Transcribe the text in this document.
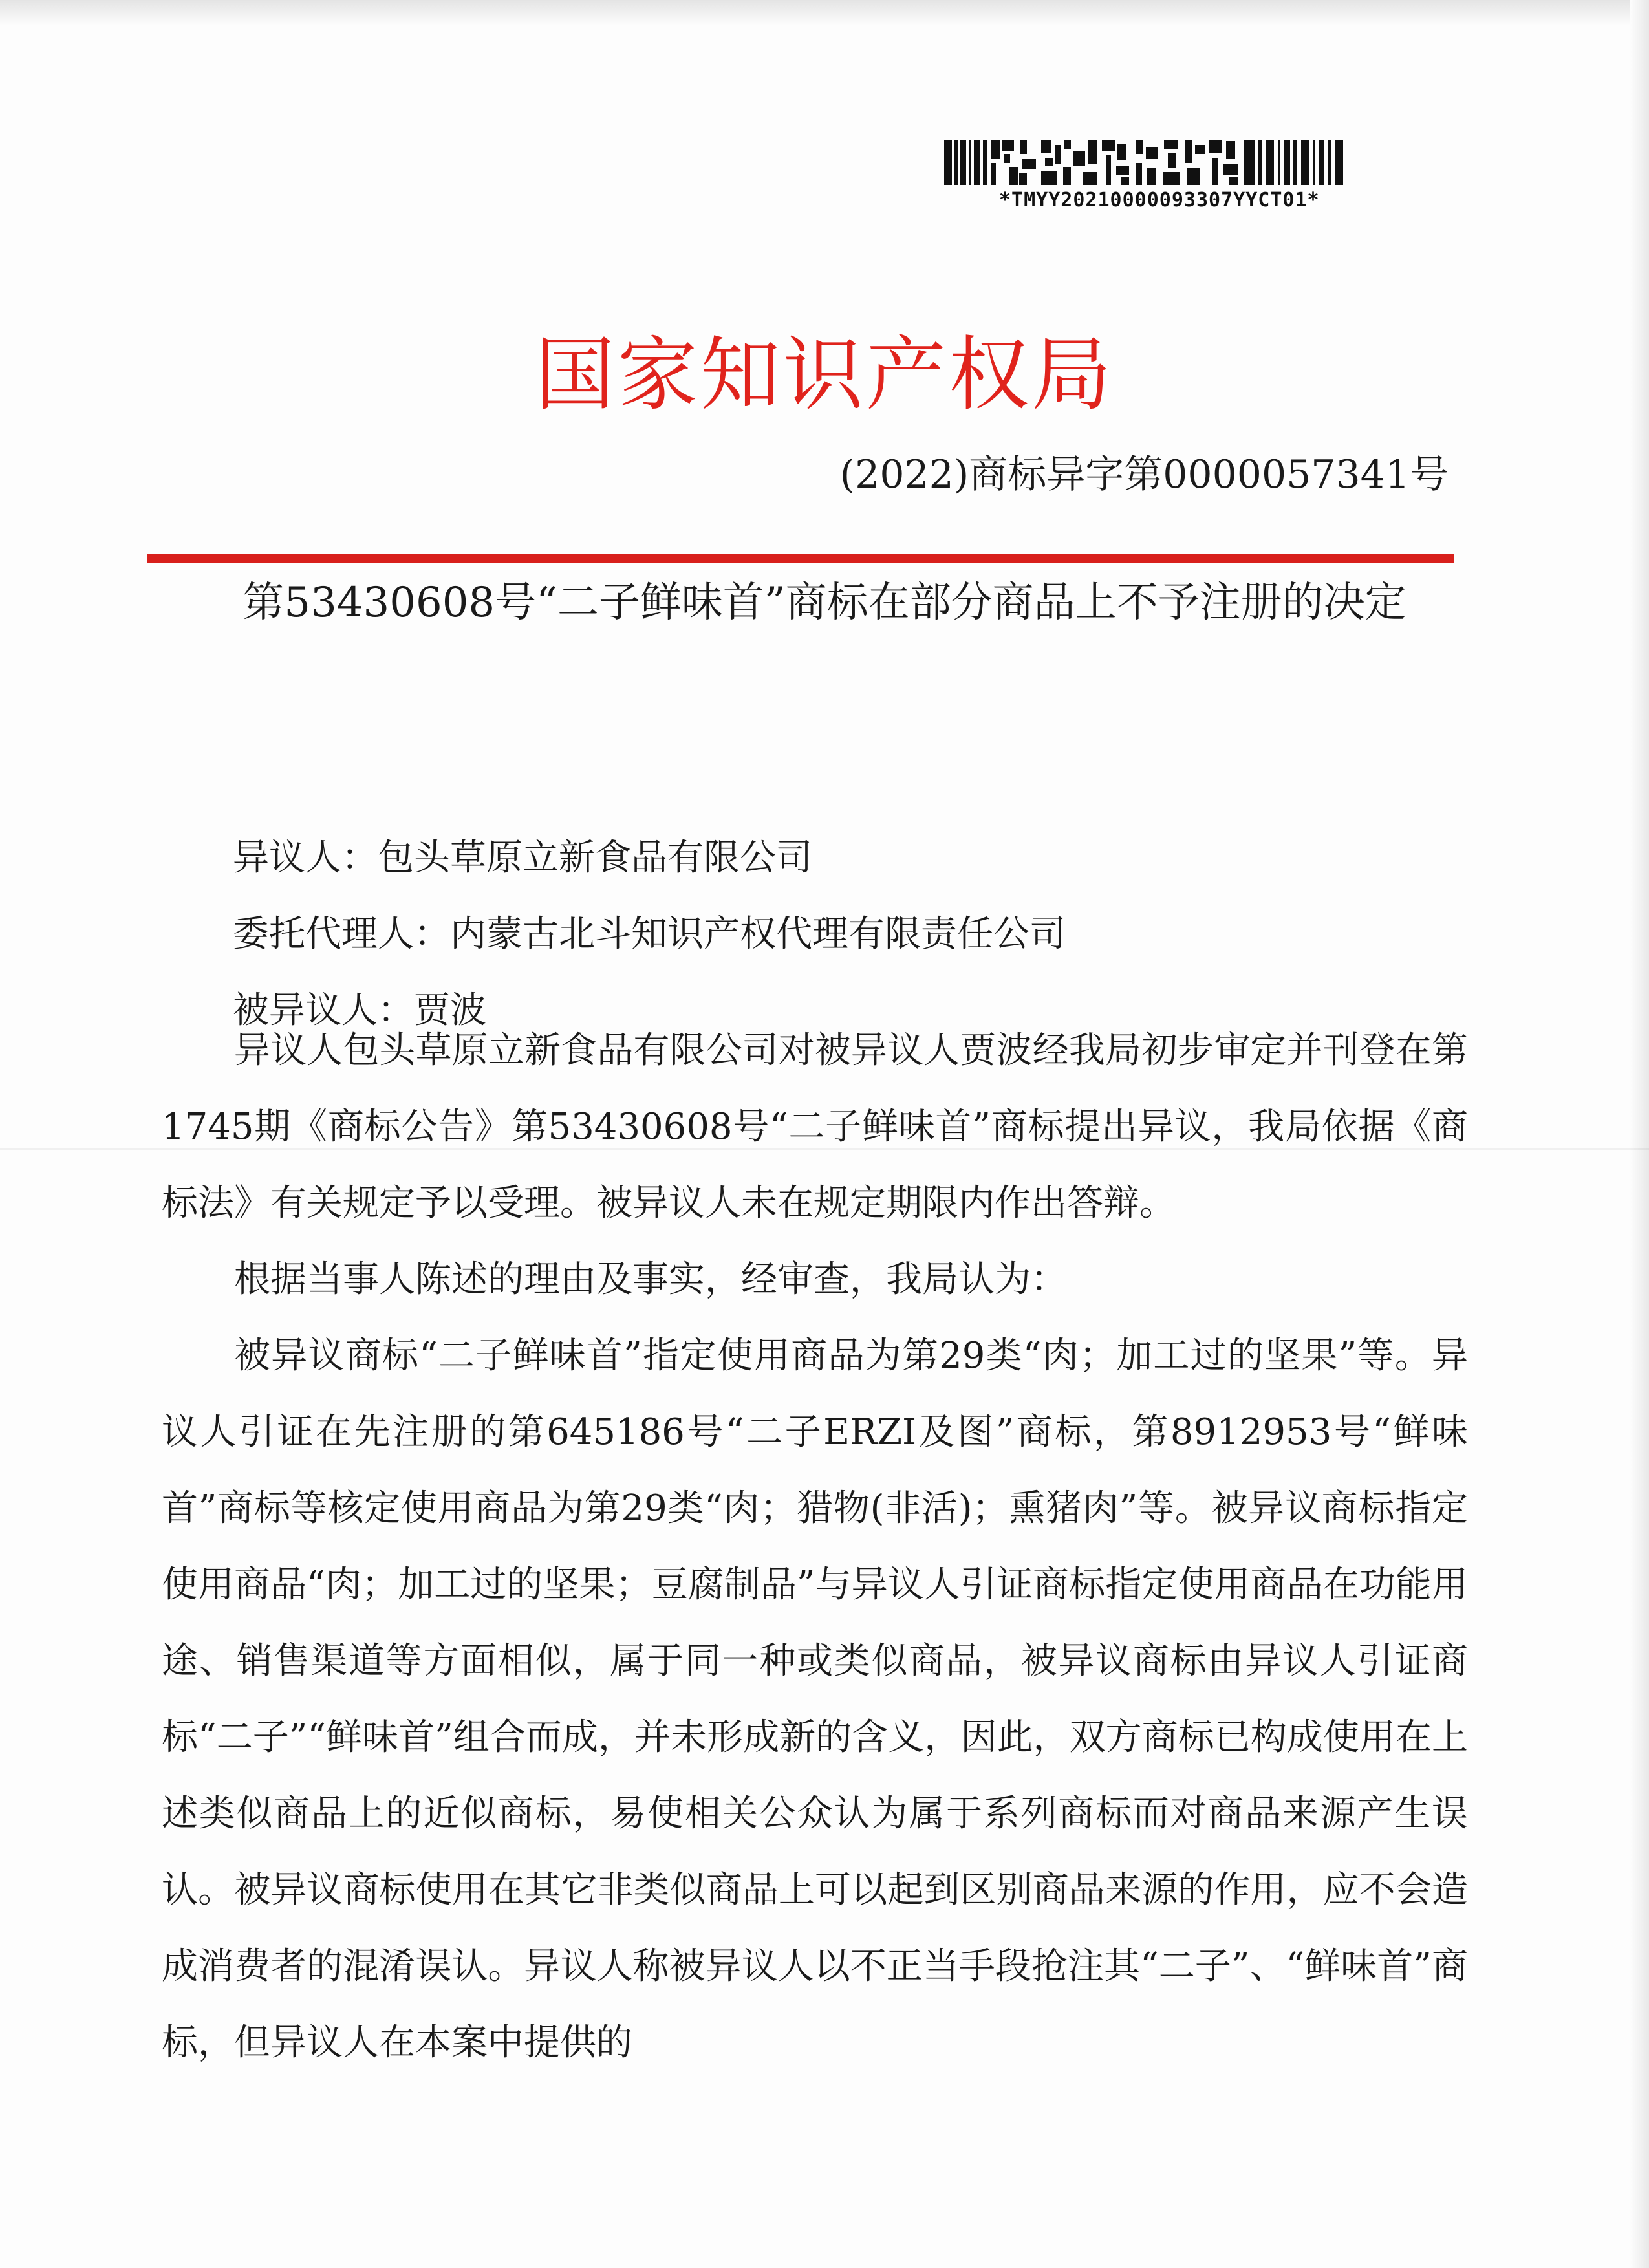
*TMYY20210000093307YYCT01*
国家知识产权局
(2022)商标异字第0000057341号
第53430608号“二子鲜味首”商标在部分商品上不予注册的决定
异议人：包头草原立新食品有限公司
委托代理人：内蒙古北斗知识产权代理有限责任公司
被异议人：贾波

异议人包头草原立新食品有限公司对被异议人贾波经我局初步审定并刊登在第1745期《商标公告》第53430608号“二子鲜味首”商标提出异议，我局依据《商标法》有关规定予以受理。被异议人未在规定期限内作出答辩。

根据当事人陈述的理由及事实，经审查，我局认为：

被异议商标“二子鲜味首”指定使用商品为第29类“肉；加工过的坚果”等。异议人引证在先注册的第645186号“二子ERZI及图”商标，第8912953号“鲜味首”商标等核定使用商品为第29类“肉；猎物(非活)；熏猪肉”等。被异议商标指定使用商品“肉；加工过的坚果；豆腐制品”与异议人引证商标指定使用商品在功能用途、销售渠道等方面相似，属于同一种或类似商品，被异议商标由异议人引证商标“二子”“鲜味首”组合而成，并未形成新的含义，因此，双方商标已构成使用在上述类似商品上的近似商标，易使相关公众认为属于系列商标而对商品来源产生误认。被异议商标使用在其它非类似商品上可以起到区别商品来源的作用，应不会造成消费者的混淆误认。异议人称被异议人以不正当手段抢注其“二子”、“鲜味首”商标，但异议人在本案中提供的
